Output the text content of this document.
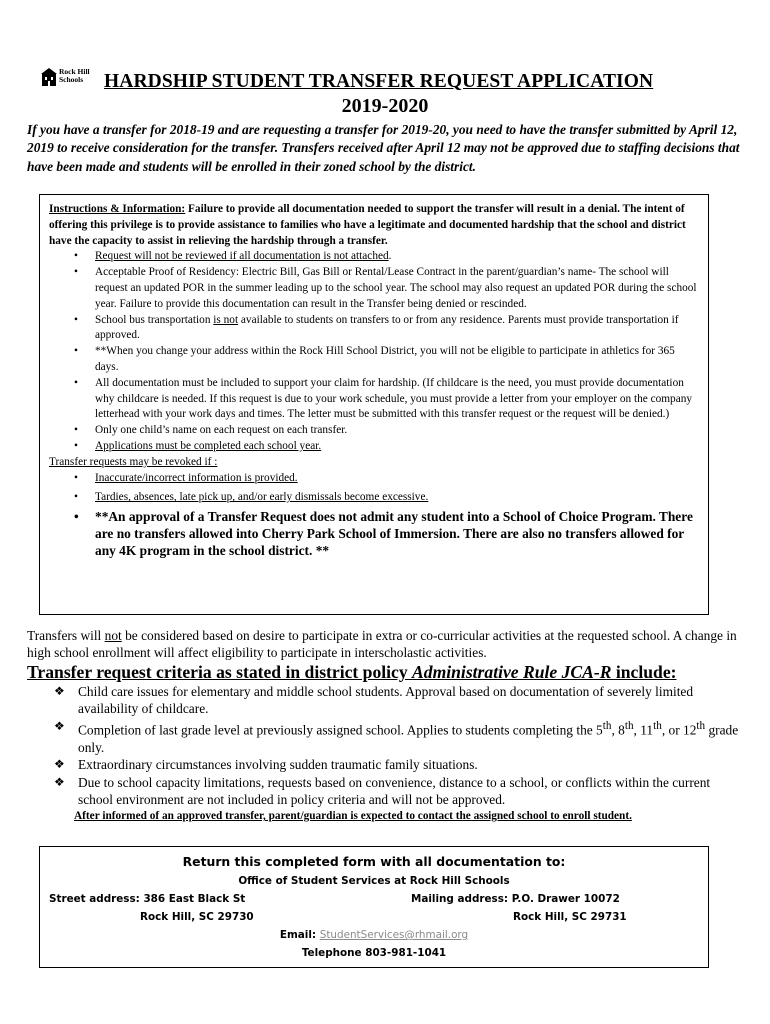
Rock Hill Schools	HARDSHIP STUDENT TRANSFER REQUEST APPLICATION
2019-2020
If you have a transfer for 2018-19 and are requesting a transfer for 2019-20, you need to have the transfer submitted by April 12, 2019 to receive consideration for the transfer. Transfers received after April 12 may not be approved due to staffing decisions that have been made and students will be enrolled in their zoned school by the district.

Instructions & Information: Failure to provide all documentation needed to support the transfer will result in a denial. The intent of offering this privilege is to provide assistance to families who have a legitimate and documented hardship that the school and district have the capacity to assist in relieving the hardship through a transfer.

• Request will not be reviewed if all documentation is not attached.
• Acceptable Proof of Residency: Electric Bill, Gas Bill or Rental/Lease Contract in the parent/guardian’s name- The school will request an updated POR in the summer leading up to the school year. The school may also request an updated POR during the school year. Failure to provide this documentation can result in the Transfer being denied or rescinded.
• School bus transportation is not available to students on transfers to or from any residence. Parents must provide transportation if approved.
• **When you change your address within the Rock Hill School District, you will not be eligible to participate in athletics for 365 days.
• All documentation must be included to support your claim for hardship. (If childcare is the need, you must provide documentation why childcare is needed. If this request is due to your work schedule, you must provide a letter from your employer on the company letterhead with your work days and times. The letter must be submitted with this transfer request or the request will be denied.)
• Only one child’s name on each request on each transfer.
• Applications must be completed each school year.

Transfer requests may be revoked if :

• Inaccurate/incorrect information is provided.
• Tardies, absences, late pick up, and/or early dismissals become excessive.
• **An approval of a Transfer Request does not admit any student into a School of Choice Program. There are no transfers allowed into Cherry Park School of Immersion. There are also no transfers allowed for any 4K program in the school district. **
Transfers will not be considered based on desire to participate in extra or co-curricular activities at the requested school. A change in high school enrollment will affect eligibility to participate in interscholastic activities.
Transfer request criteria as stated in district policy Administrative Rule JCA-R include:
❖ Child care issues for elementary and middle school students. Approval based on documentation of severely limited availability of childcare.
❖ Completion of last grade level at previously assigned school. Applies to students completing the 5th, 8th, 11th, or 12th grade only.
❖ Extraordinary circumstances involving sudden traumatic family situations.
❖ Due to school capacity limitations, requests based on convenience, distance to a school, or conflicts within the current school environment are not included in policy criteria and will not be approved.
After informed of an approved transfer, parent/guardian is expected to contact the assigned school to enroll student.
Return this completed form with all documentation to:
Office of Student Services at Rock Hill Schools
Street address: 386 East Black St	Mailing address: P.O. Drawer 10072
Rock Hill, SC 29730	Rock Hill, SC 29731
Email: StudentServices@rhmail.org
Telephone 803-981-1041
